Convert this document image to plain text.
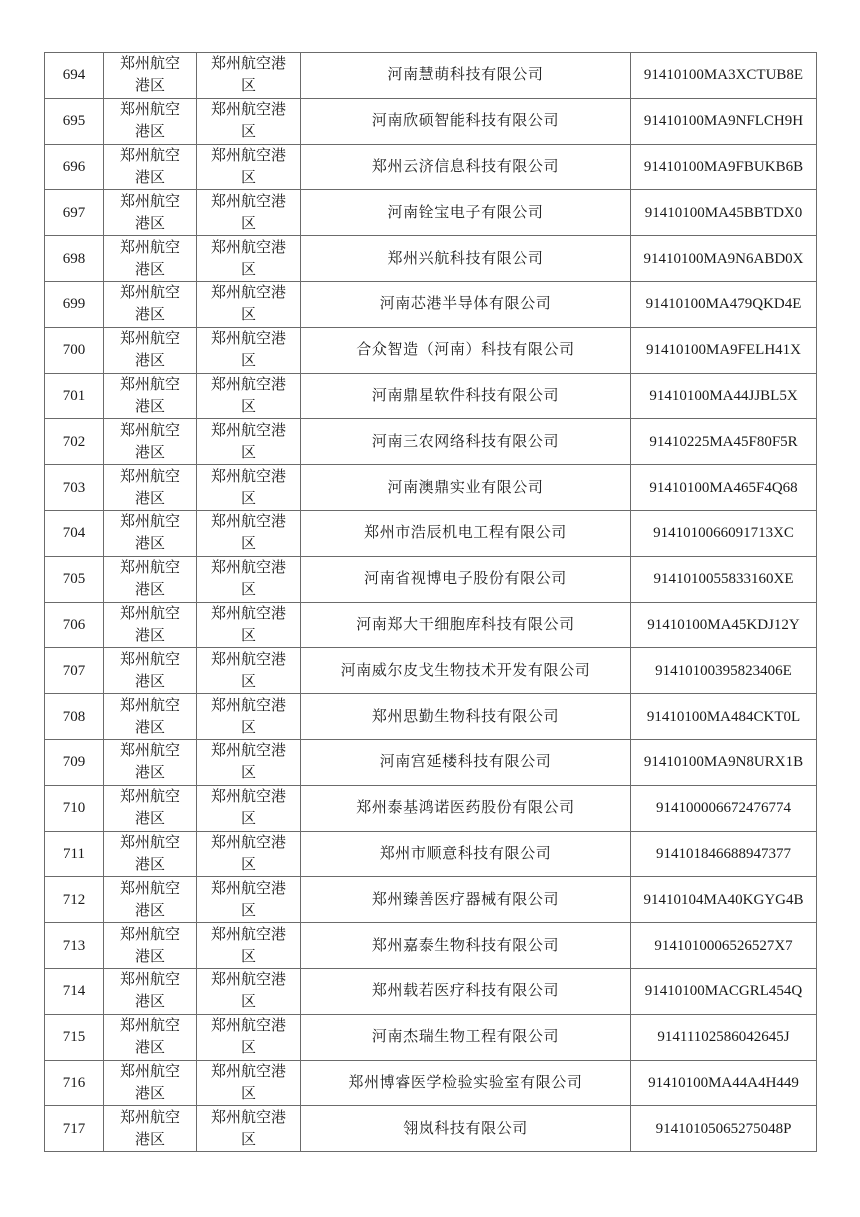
694	郑州航空港区	郑州航空港区	河南慧萌科技有限公司	91410100MA3XCTUB8E
695	郑州航空港区	郑州航空港区	河南欣硕智能科技有限公司	91410100MA9NFLCH9H
696	郑州航空港区	郑州航空港区	郑州云济信息科技有限公司	91410100MA9FBUKB6B
697	郑州航空港区	郑州航空港区	河南铨宝电子有限公司	91410100MA45BBTDX0
698	郑州航空港区	郑州航空港区	郑州兴航科技有限公司	91410100MA9N6ABD0X
699	郑州航空港区	郑州航空港区	河南芯港半导体有限公司	91410100MA479QKD4E
700	郑州航空港区	郑州航空港区	合众智造（河南）科技有限公司	91410100MA9FELH41X
701	郑州航空港区	郑州航空港区	河南鼎星软件科技有限公司	91410100MA44JJBL5X
702	郑州航空港区	郑州航空港区	河南三农网络科技有限公司	91410225MA45F80F5R
703	郑州航空港区	郑州航空港区	河南澳鼎实业有限公司	91410100MA465F4Q68
704	郑州航空港区	郑州航空港区	郑州市浩辰机电工程有限公司	9141010066091713XC
705	郑州航空港区	郑州航空港区	河南省视博电子股份有限公司	9141010055833160XE
706	郑州航空港区	郑州航空港区	河南郑大干细胞库科技有限公司	91410100MA45KDJ12Y
707	郑州航空港区	郑州航空港区	河南威尔皮戈生物技术开发有限公司	91410100395823406E
708	郑州航空港区	郑州航空港区	郑州思勤生物科技有限公司	91410100MA484CKT0L
709	郑州航空港区	郑州航空港区	河南宫延楼科技有限公司	91410100MA9N8URX1B
710	郑州航空港区	郑州航空港区	郑州泰基鸿诺医药股份有限公司	914100006672476774
711	郑州航空港区	郑州航空港区	郑州市顺意科技有限公司	914101846688947377
712	郑州航空港区	郑州航空港区	郑州臻善医疗器械有限公司	91410104MA40KGYG4B
713	郑州航空港区	郑州航空港区	郑州嘉泰生物科技有限公司	9141010006526527X7
714	郑州航空港区	郑州航空港区	郑州载若医疗科技有限公司	91410100MACGRL454Q
715	郑州航空港区	郑州航空港区	河南杰瑞生物工程有限公司	91411102586042645J
716	郑州航空港区	郑州航空港区	郑州博睿医学检验实验室有限公司	91410100MA44A4H449
717	郑州航空港区	郑州航空港区	翎岚科技有限公司	91410105065275048P
